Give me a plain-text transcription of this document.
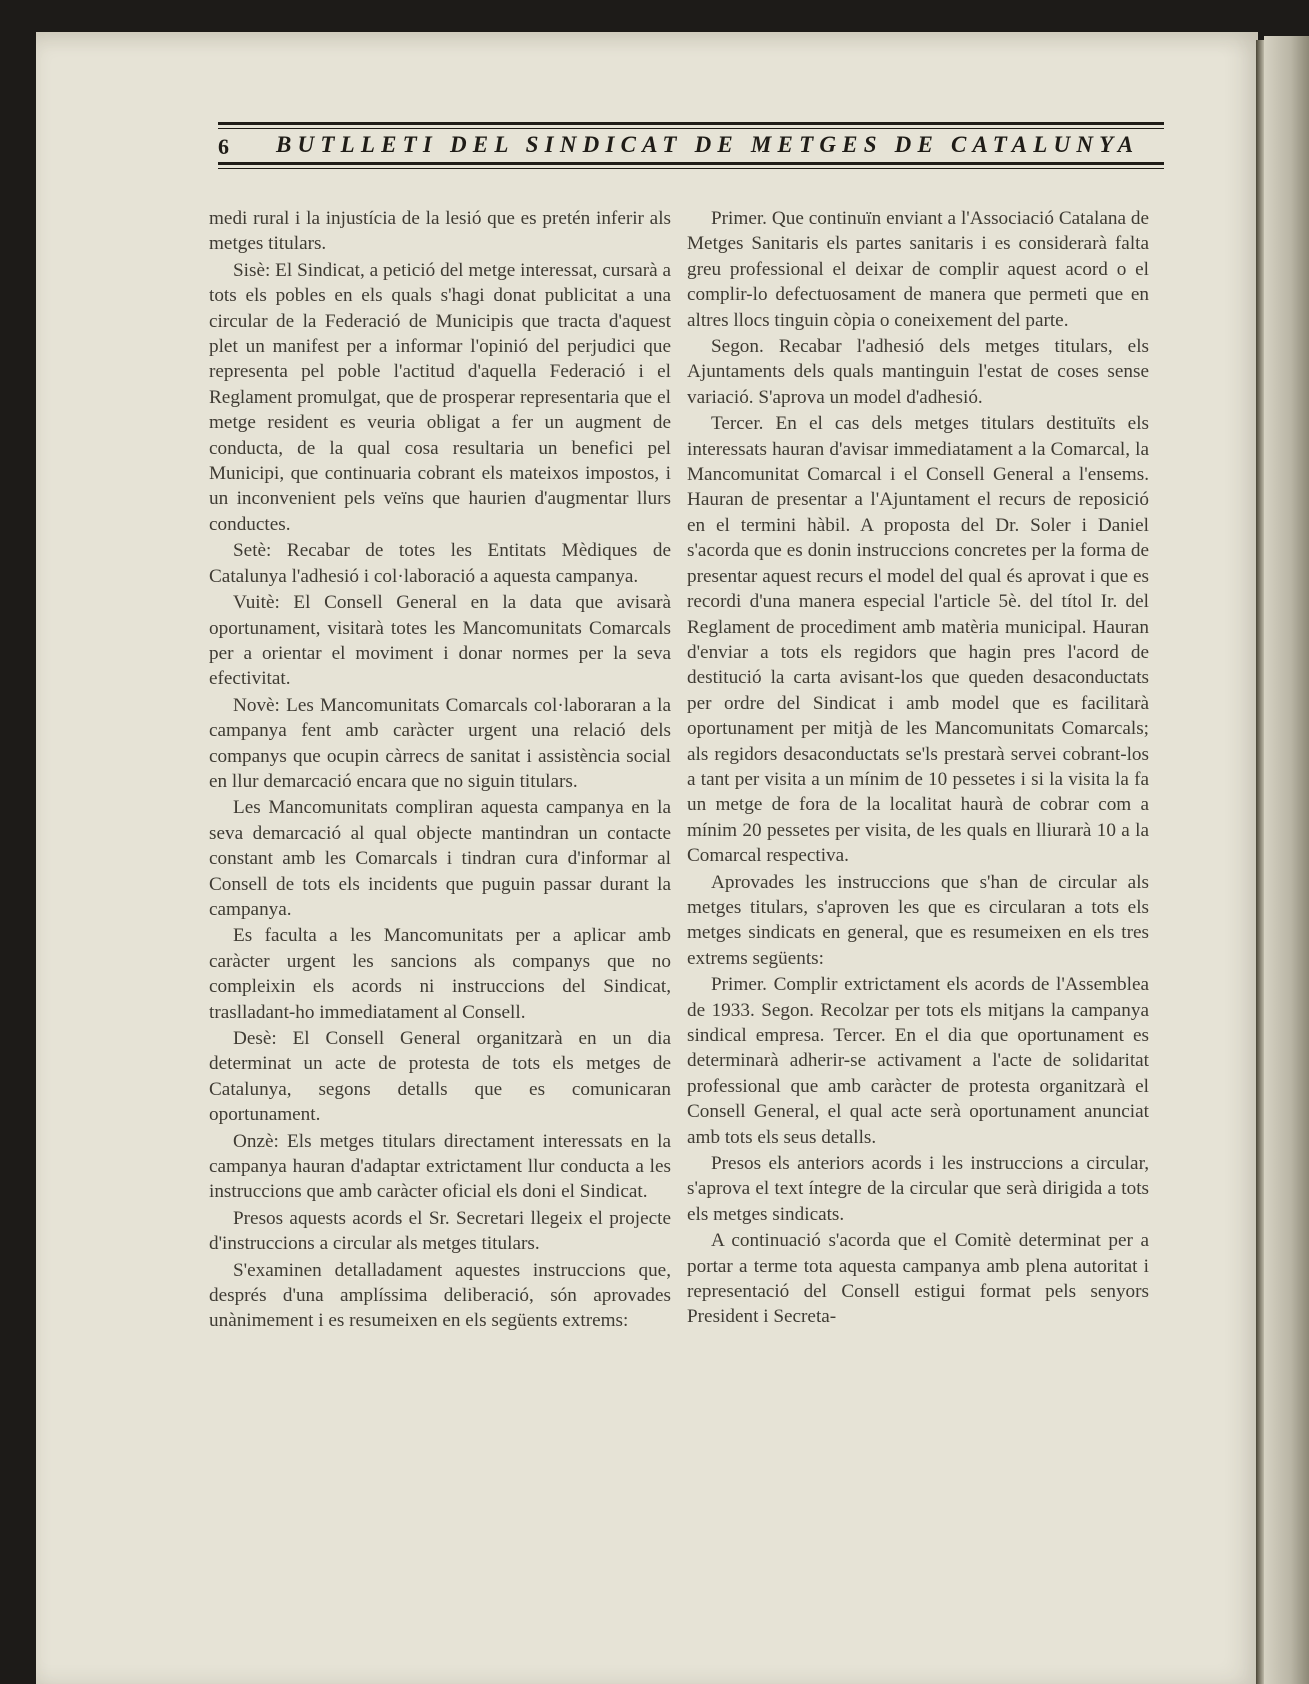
6 BUTLLETI DEL SINDICAT DE METGES DE CATALUNYA

medi rural i la injustícia de la lesió que es pretén inferir als metges titulars.

Sisè: El Sindicat, a petició del metge interessat, cursarà a tots els pobles en els quals s'hagi donat publicitat a una circular de la Federació de Municipis que tracta d'aquest plet un manifest per a informar l'opinió del perjudici que representa pel poble l'actitud d'aquella Federació i el Reglament promulgat, que de prosperar representaria que el metge resident es veuria obligat a fer un augment de conducta, de la qual cosa resultaria un benefici pel Municipi, que continuaria cobrant els mateixos impostos, i un inconvenient pels veïns que haurien d'augmentar llurs conductes.

Setè: Recabar de totes les Entitats Mèdiques de Catalunya l'adhesió i col·laboració a aquesta campanya.

Vuitè: El Consell General en la data que avisarà oportunament, visitarà totes les Mancomunitats Comarcals per a orientar el moviment i donar normes per la seva efectivitat.

Novè: Les Mancomunitats Comarcals col·laboraran a la campanya fent amb caràcter urgent una relació dels companys que ocupin càrrecs de sanitat i assistència social en llur demarcació encara que no siguin titulars.

Les Mancomunitats compliran aquesta campanya en la seva demarcació al qual objecte mantindran un contacte constant amb les Comarcals i tindran cura d'informar al Consell de tots els incidents que puguin passar durant la campanya.

Es faculta a les Mancomunitats per a aplicar amb caràcter urgent les sancions als companys que no compleixin els acords ni instruccions del Sindicat, traslladant-ho immediatament al Consell.

Desè: El Consell General organitzarà en un dia determinat un acte de protesta de tots els metges de Catalunya, segons detalls que es comunicaran oportunament.

Onzè: Els metges titulars directament interessats en la campanya hauran d'adaptar extrictament llur conducta a les instruccions que amb caràcter oficial els doni el Sindicat.

Presos aquests acords el Sr. Secretari llegeix el projecte d'instruccions a circular als metges titulars.

S'examinen detalladament aquestes instruccions que, després d'una amplíssima deliberació, són aprovades unànimement i es resumeixen en els següents extrems:

Primer. Que continuïn enviant a l'Associació Catalana de Metges Sanitaris els partes sanitaris i es considerarà falta greu professional el deixar de complir aquest acord o el complir-lo defectuosament de manera que permeti que en altres llocs tinguin còpia o coneixement del parte.

Segon. Recabar l'adhesió dels metges titulars, els Ajuntaments dels quals mantinguin l'estat de coses sense variació. S'aprova un model d'adhesió.

Tercer. En el cas dels metges titulars destituïts els interessats hauran d'avisar immediatament a la Comarcal, la Mancomunitat Comarcal i el Consell General a l'ensems. Hauran de presentar a l'Ajuntament el recurs de reposició en el termini hàbil. A proposta del Dr. Soler i Daniel s'acorda que es donin instruccions concretes per la forma de presentar aquest recurs el model del qual és aprovat i que es recordi d'una manera especial l'article 5è. del títol Ir. del Reglament de procediment amb matèria municipal. Hauran d'enviar a tots els regidors que hagin pres l'acord de destitució la carta avisant-los que queden desaconductats per ordre del Sindicat i amb model que es facilitarà oportunament per mitjà de les Mancomunitats Comarcals; als regidors desaconductats se'ls prestarà servei cobrant-los a tant per visita a un mínim de 10 pessetes i si la visita la fa un metge de fora de la localitat haurà de cobrar com a mínim 20 pessetes per visita, de les quals en lliurarà 10 a la Comarcal respectiva.

Aprovades les instruccions que s'han de circular als metges titulars, s'aproven les que es circularan a tots els metges sindicats en general, que es resumeixen en els tres extrems següents:

Primer. Complir extrictament els acords de l'Assemblea de 1933. Segon. Recolzar per tots els mitjans la campanya sindical empresa. Tercer. En el dia que oportunament es determinarà adherir-se activament a l'acte de solidaritat professional que amb caràcter de protesta organitzarà el Consell General, el qual acte serà oportunament anunciat amb tots els seus detalls.

Presos els anteriors acords i les instruccions a circular, s'aprova el text íntegre de la circular que serà dirigida a tots els metges sindicats.

A continuació s'acorda que el Comitè determinat per a portar a terme tota aquesta campanya amb plena autoritat i representació del Consell estigui format pels senyors President i Secreta-
